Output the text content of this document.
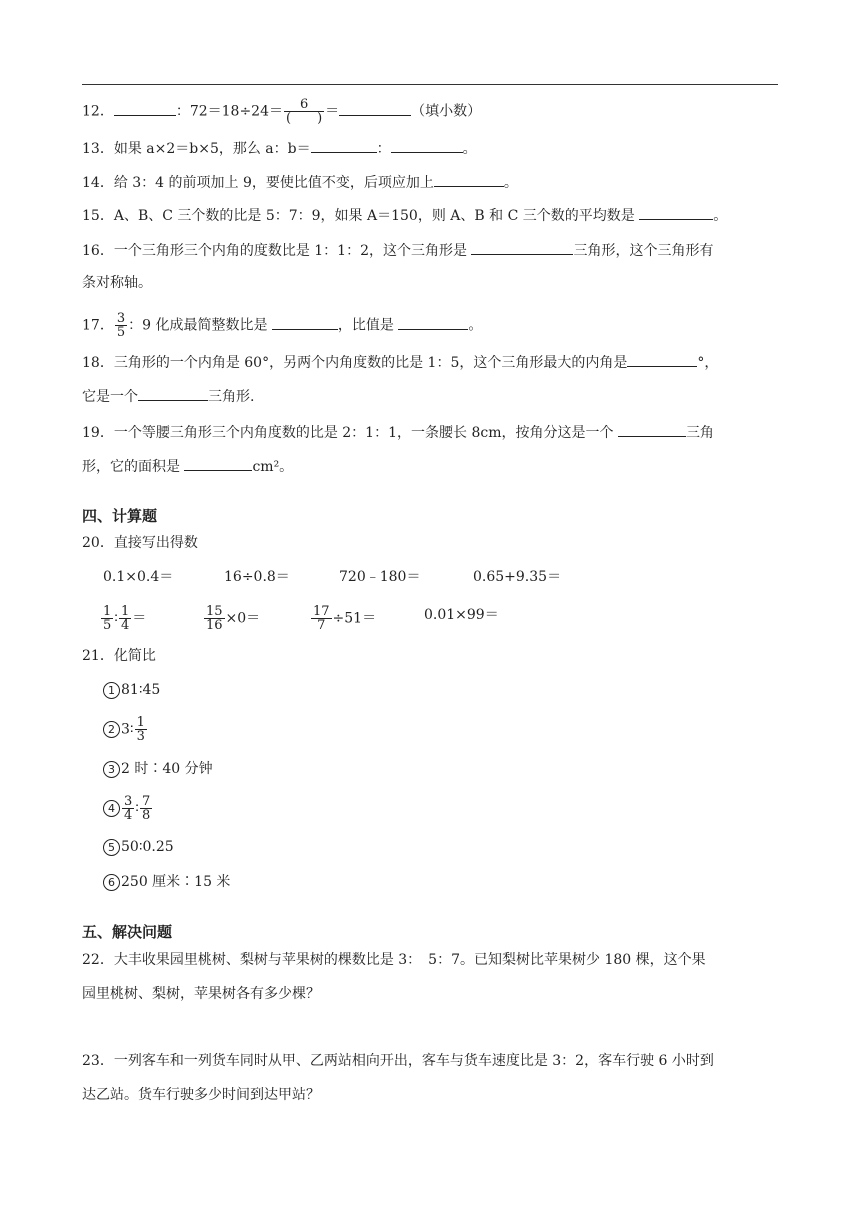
12．	：$72=18\div 24= \frac{6}{( )}$ ＝	（填小数）
13．如果 a×2＝b×5，那么 a：b＝	：	。
14．给 3：4 的前项加上 9，要使比值不变，后项应加上	。
15．A、B、C 三个数的比是 5：7：9，如果 A＝150，则 A、B 和 C 三个数的平均数是	。
16．一个三角形三个内角的度数比是 1：1：2，这个三角形是	三角形，这个三角形有
条对称轴。
17． $\frac{3}{5}$ ：9 化成最简整数比是	，比值是	。
18．三角形的一个内角是 60°，另两个内角度数的比是 1：5，这个三角形最大的内角是	°，
它是一个	三角形.
19．一个等腰三角形三个内角度数的比是 2：1：1，一条腰长 8cm，按角分这是一个	三角
形，它的面积是	cm²。
四、计算题
20．直接写出得数
0.1×0.4＝	16÷0.8＝	720﹣180＝	0.65+9.35＝
$\frac{1}{5}$ ∶ $\frac{1}{4}$ ＝	$\frac{15}{16} \times 0=$	$\frac{17}{7} \div 51=$	0.01×99＝
21．化简比
1 81∶45
2 3∶ $\frac{1}{3}$
3 2 时∶40 分钟
$4 \frac{3}{4}$ ∶ $\frac{7}{8}$
5 50∶0.25
6 250 厘米∶15 米
五、解决问题
22．大丰收果园里桃树、梨树与苹果树的棵数比是 3：　5：7。已知梨树比苹果树少 180 棵，这个果
园里桃树、梨树，苹果树各有多少棵？
23．一列客车和一列货车同时从甲、乙两站相向开出，客车与货车速度比是 3：2，客车行驶 6 小时到
达乙站。货车行驶多少时间到达甲站？
